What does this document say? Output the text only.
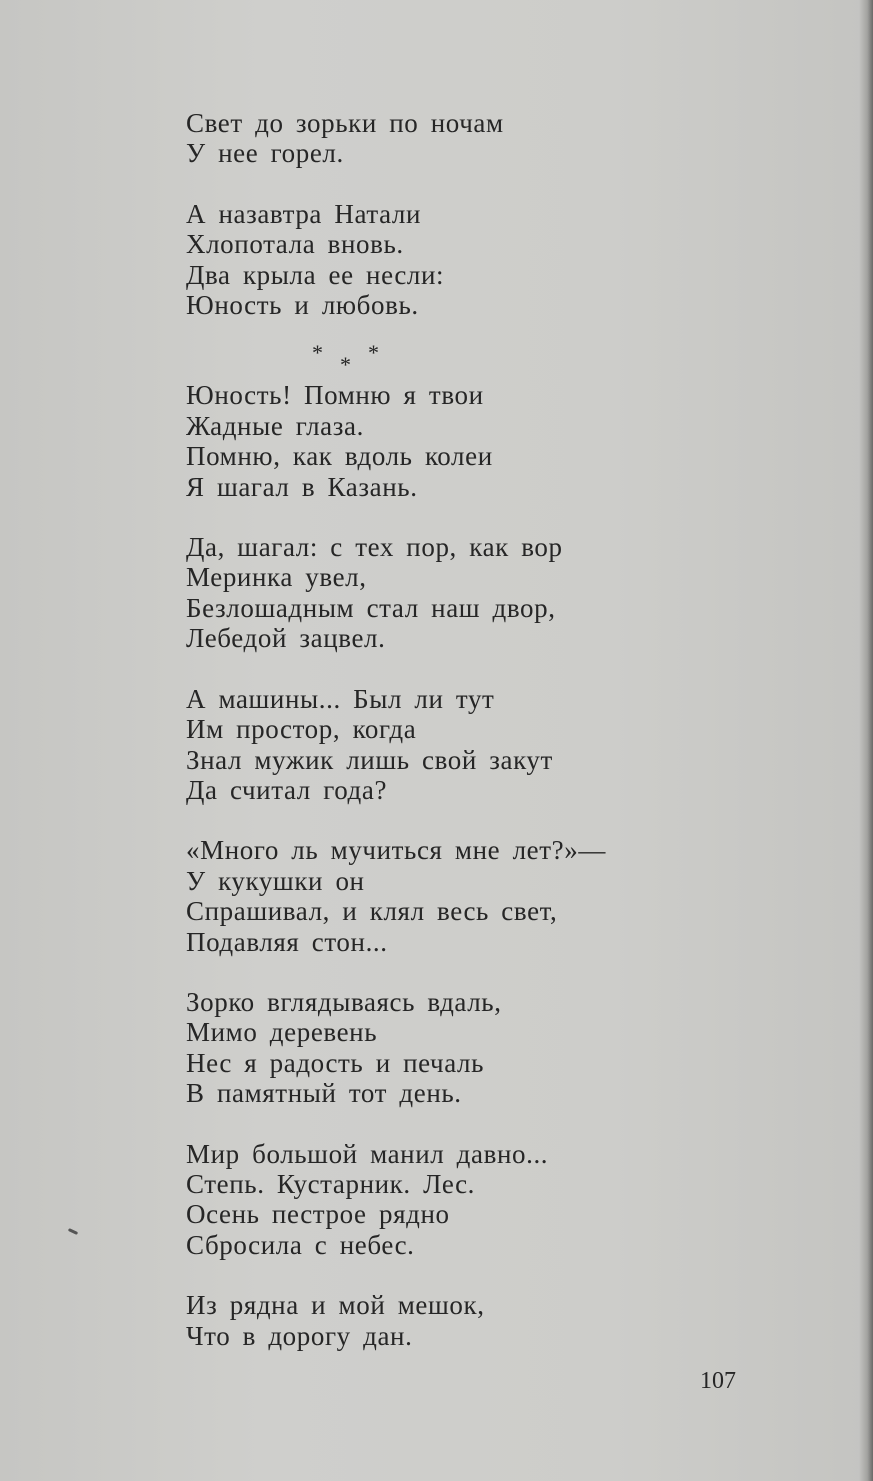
Свет до зорьки по ночам
У нее горел.
А назавтра Натали
Хлопотала вновь.
Два крыла ее несли:
Юность и любовь.
Юность! Помню я твои
Жадные глаза.
Помню, как вдоль колеи
Я шагал в Казань.
Да, шагал: с тех пор, как вор
Меринка увел,
Безлошадным стал наш двор,
Лебедой зацвел.
А машины... Был ли тут
Им простор, когда
Знал мужик лишь свой закут
Да считал года?
«Много ль мучиться мне лет?»—
У кукушки он
Спрашивал, и клял весь свет,
Подавляя стон...
Зорко вглядываясь вдаль,
Мимо деревень
Нес я радость и печаль
В памятный тот день.
Мир большой манил давно...
Степь. Кустарник. Лес.
Осень пестрое рядно
Сбросила с небес.
Из рядна и мой мешок,
Что в дорогу дан.
* * *
107
